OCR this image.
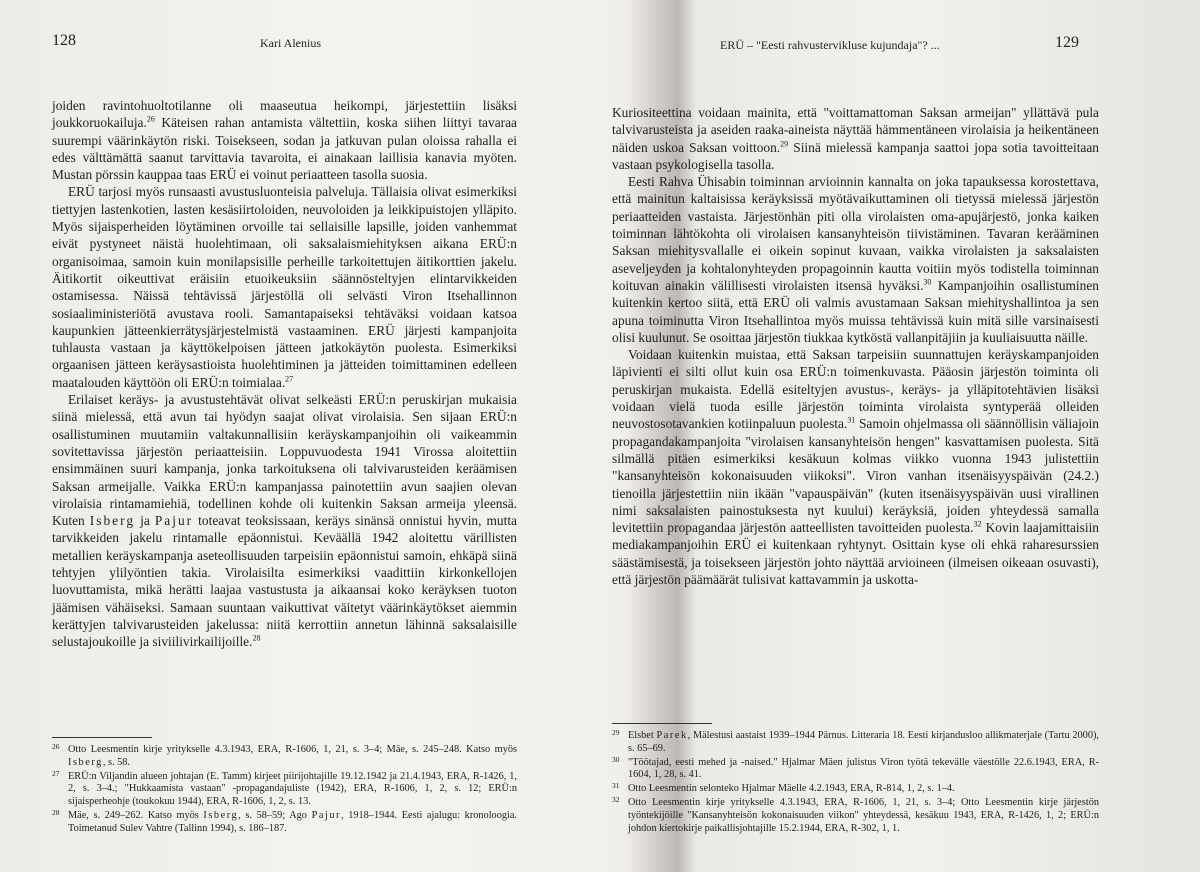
128	Kari Alenius

joiden ravintohuoltotilanne oli maaseutua heikompi, järjestettiin lisäksi joukkoruokailuja.$^{26}$ Käteisen rahan antamista vältettiin, koska siihen liittyi tavaraa suurempi väärinkäytön riski. Toisekseen, sodan ja jatkuvan pulan oloissa rahalla ei edes välttämättä saanut tarvittavia tavaroita, ei ainakaan laillisia kanavia myöten. Mustan pörssin kauppaa taas ERÜ ei voinut periaatteen tasolla suosia.

ERÜ tarjosi myös runsaasti avustusluonteisia palveluja. Tällaisia olivat esimerkiksi tiettyjen lastenkotien, lasten kesäsiirtoloiden, neuvoloiden ja leikkipuistojen ylläpito. Myös sijaisperheiden löytäminen orvoille tai sellaisille lapsille, joiden vanhemmat eivät pystyneet näistä huolehtimaan, oli saksalaismiehityksen aikana ERÜ:n organisoimaa, samoin kuin monilapsisille perheille tarkoitettujen äitikorttien jakelu. Äitikortit oikeuttivat eräisiin etuoikeuksiin säännösteltyjen elintarvikkeiden ostamisessa. Näissä tehtävissä järjestöllä oli selvästi Viron Itsehallinnon sosiaaliministeriötä avustava rooli. Samantapaiseksi tehtäväksi voidaan katsoa kaupunkien jätteenkierrätysjärjestelmistä vastaaminen. ERÜ järjesti kampanjoita tuhlausta vastaan ja käyttökelpoisen jätteen jatkokäytön puolesta. Esimerkiksi orgaanisen jätteen keräysastioista huolehtiminen ja jätteiden toimittaminen edelleen maatalouden käyttöön oli ERÜ:n toimialaa.$^{27}$

Erilaiset keräys- ja avustustehtävät olivat selkeästi ERÜ:n peruskirjan mukaisia siinä mielessä, että avun tai hyödyn saajat olivat virolaisia. Sen sijaan ERÜ:n osallistuminen muutamiin valtakunnallisiin keräyskampanjoihin oli vaikeammin sovitettavissa järjestön periaatteisiin. Loppuvuodesta 1941 Virossa aloitettiin ensimmäinen suuri kampanja, jonka tarkoituksena oli talvivarusteiden keräämisen Saksan armeijalle. Vaikka ERÜ:n kampanjassa painotettiin avun saajien olevan virolaisia rintamamiehiä, todellinen kohde oli kuitenkin Saksan armeija yleensä. Kuten Isberg ja Pajur toteavat teoksissaan, keräys sinänsä onnistui hyvin, mutta tarvikkeiden jakelu rintamalle epäonnistui. Keväällä 1942 aloitettu värillisten metallien keräyskampanja aseteollisuuden tarpeisiin epäonnistui samoin, ehkäpä siinä tehtyjen ylilyöntien takia. Virolaisilta esimerkiksi vaadittiin kirkonkellojen luovuttamista, mikä herätti laajaa vastustusta ja aikaansai koko keräyksen tuoton jäämisen vähäiseksi. Samaan suuntaan vaikuttivat väitetyt väärinkäytökset aiemmin kerättyjen talvivarusteiden jakelussa: niitä kerrottiin annetun lähinnä saksalaisille selustajoukoille ja siviilivirkailijoille.$^{28}$

26 Otto Leesmentin kirje yritykselle 4.3.1943, ERA, R-1606, 1, 21, s. 3–4; Mäe, s. 245–248. Katso myös Isberg, s. 58.
27 ERÜ:n Viljandin alueen johtajan (E. Tamm) kirjeet piirijohtajille 19.12.1942 ja 21.4.1943, ERA, R-1426, 1, 2, s. 3–4.; "Hukkaamista vastaan" -propagandajuliste (1942), ERA, R-1606, 1, 2, s. 12; ERÜ:n sijaisperheohje (toukokuu 1944), ERA, R-1606, 1, 2, s. 13.
28 Mäe, s. 249–262. Katso myös Isberg, s. 58–59; Ago Pajur, 1918–1944. Eesti ajalugu: kronoloogia. Toimetanud Sulev Vahtre (Tallinn 1994), s. 186–187.
ERÜ – "Eesti rahvustervikluse kujundaja"? ...	129

Kuriositeettina voidaan mainita, että "voittamattoman Saksan armeijan" yllättävä pula talvivarusteista ja aseiden raaka-aineista näyttää hämmentäneen virolaisia ja heikentäneen näiden uskoa Saksan voittoon.$^{29}$ Siinä mielessä kampanja saattoi jopa sotia tavoitteitaan vastaan psykologisella tasolla.

Eesti Rahva Ühisabin toiminnan arvioinnin kannalta on joka tapauksessa korostettava, että mainitun kaltaisissa keräyksissä myötävaikuttaminen oli tietyssä mielessä järjestön periaatteiden vastaista. Järjestönhän piti olla virolaisten oma-apujärjestö, jonka kaiken toiminnan lähtökohta oli virolaisen kansanyhteisön tiivistäminen. Tavaran kerääminen Saksan miehitysvallalle ei oikein sopinut kuvaan, vaikka virolaisten ja saksalaisten aseveljeyden ja kohtalonyhteyden propagoinnin kautta voitiin myös todistella toiminnan koituvan ainakin välillisesti virolaisten itsensä hyväksi.$^{30}$ Kampanjoihin osallistuminen kuitenkin kertoo siitä, että ERÜ oli valmis avustamaan Saksan miehityshallintoa ja sen apuna toiminutta Viron Itsehallintoa myös muissa tehtävissä kuin mitä sille varsinaisesti olisi kuulunut. Se osoittaa järjestön tiukkaa kytköstä vallanpitäjiin ja kuuliaisuutta näille.

Voidaan kuitenkin muistaa, että Saksan tarpeisiin suunnattujen keräyskampanjoiden läpivienti ei silti ollut kuin osa ERÜ:n toimenkuvasta. Pääosin järjestön toiminta oli peruskirjan mukaista. Edellä esiteltyjen avustus-, keräys- ja ylläpitotehtävien lisäksi voidaan vielä tuoda esille järjestön toiminta virolaista syntyperää olleiden neuvostosotavankien kotiinpaluun puolesta.$^{31}$ Samoin ohjelmassa oli säännöllisin väliajoin propagandakampanjoita "virolaisen kansanyhteisön hengen" kasvattamisen puolesta. Sitä silmällä pitäen esimerkiksi kesäkuun kolmas viikko vuonna 1943 julistettiin "kansanyhteisön kokonaisuuden viikoksi". Viron vanhan itsenäisyyspäivän (24.2.) tienoilla järjestettiin niin ikään "vapauspäivän" (kuten itsenäisyyspäivän uusi virallinen nimi saksalaisten painostuksesta nyt kuului) keräyksiä, joiden yhteydessä samalla levitettiin propagandaa järjestön aatteellisten tavoitteiden puolesta.$^{32}$ Kovin laajamittaisiin mediakampanjoihin ERÜ ei kuitenkaan ryhtynyt. Osittain kyse oli ehkä raharesurssien säästämisestä, ja toisekseen järjestön johto näyttää arvioineen (ilmeisen oikeaan osuvasti), että järjestön päämäärät tulisivat kattavammin ja uskotta-

29 Elsbet Parek, Mälestusi aastaist 1939–1944 Pärnus. Litteraria 18. Eesti kirjandusloo allikmaterjale (Tartu 2000), s. 65–69.
30 "Töötajad, eesti mehed ja -naised." Hjalmar Mäen julistus Viron työtä tekevälle väestölle 22.6.1943, ERA, R-1604, 1, 28, s. 41.
31 Otto Leesmentin selonteko Hjalmar Mäelle 4.2.1943, ERA, R-814, 1, 2, s. 1–4.
32 Otto Leesmentin kirje yritykselle 4.3.1943, ERA, R-1606, 1, 21, s. 3–4; Otto Leesmentin kirje järjestön työntekijöille "Kansanyhteisön kokonaisuuden viikon" yhteydessä, kesäkuu 1943, ERA, R-1426, 1, 2; ERÜ:n johdon kiertokirje paikallisjohtajille 15.2.1944, ERA, R-302, 1, 1.
